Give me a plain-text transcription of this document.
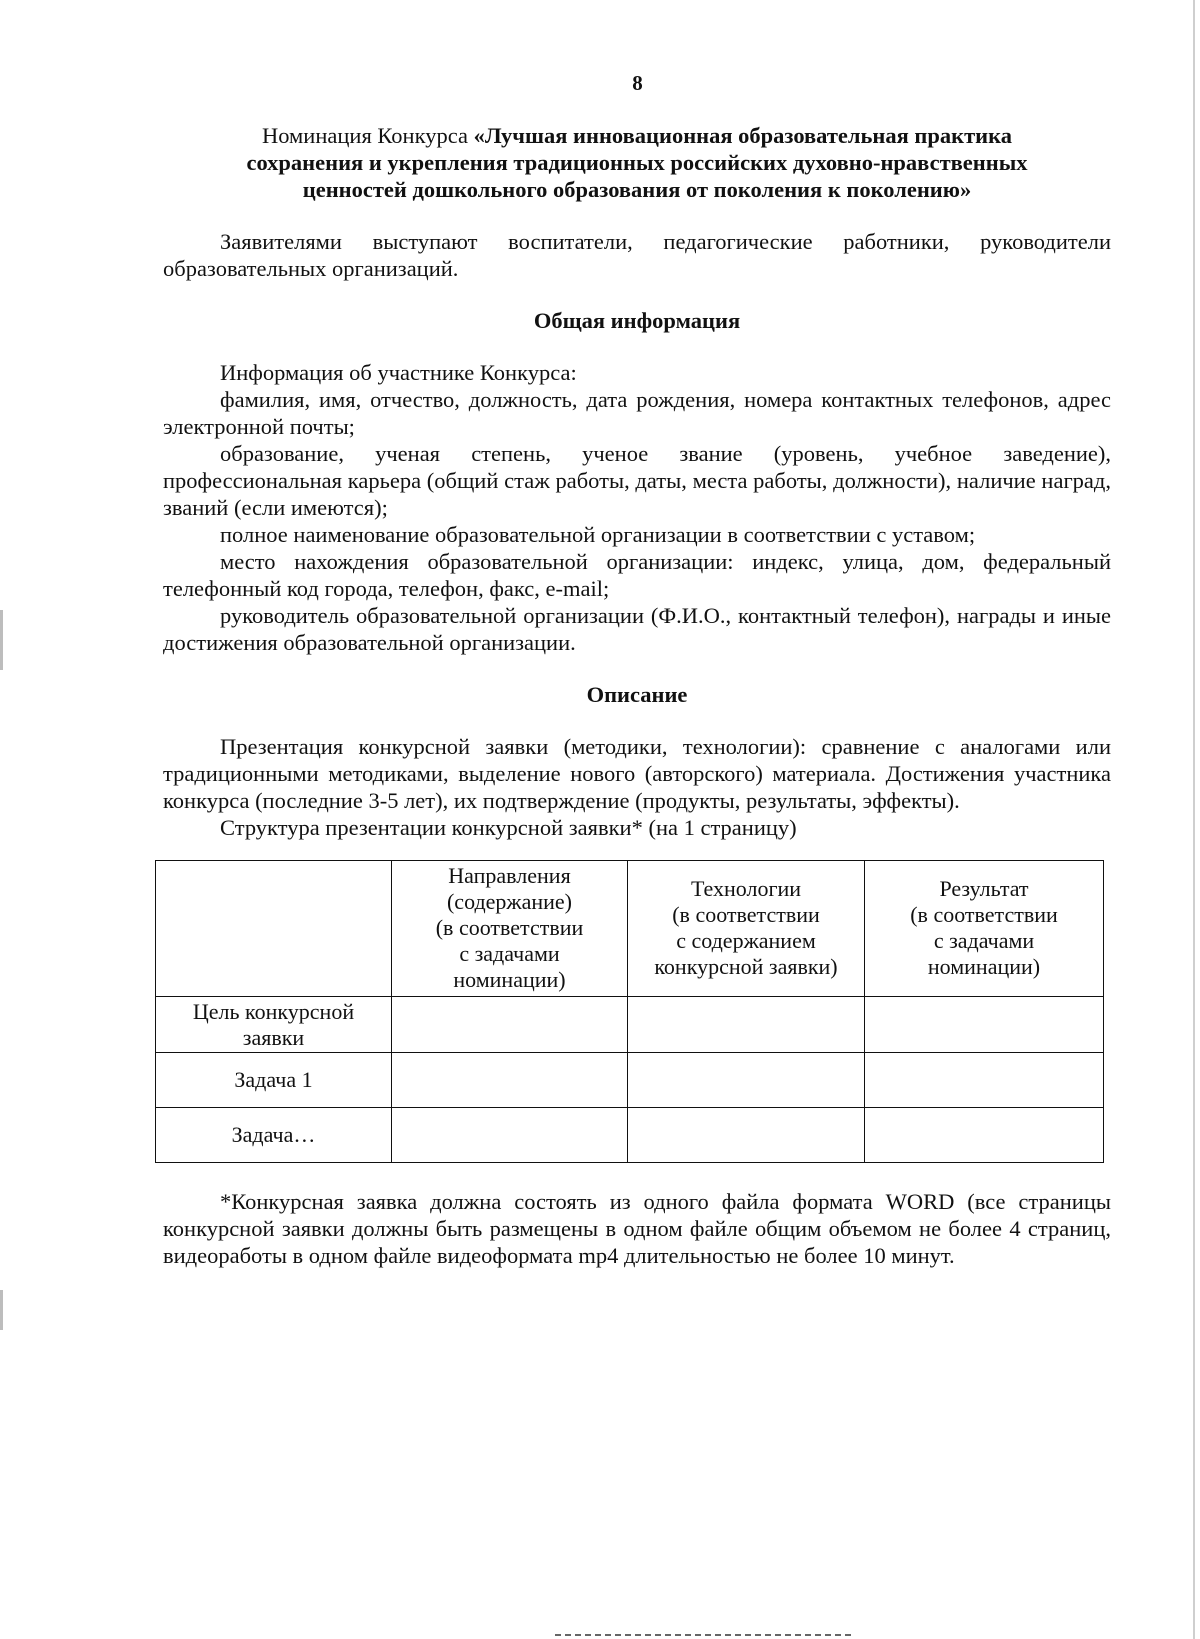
8
Номинация Конкурса «Лучшая инновационная образовательная практика
сохранения и укрепления традиционных российских духовно-нравственных
ценностей дошкольного образования от поколения к поколению»

Заявителями выступают воспитатели, педагогические работники, руководители образовательных организаций.

Общая информация

Информация об участнике Конкурса:

фамилия, имя, отчество, должность, дата рождения, номера контактных телефонов, адрес электронной почты;

образование, ученая степень, ученое звание (уровень, учебное заведение), профессиональная карьера (общий стаж работы, даты, места работы, должности), наличие наград, званий (если имеются);

полное наименование образовательной организации в соответствии с уставом;

место нахождения образовательной организации: индекс, улица, дом, федеральный телефонный код города, телефон, факс, e-mail;

руководитель образовательной организации (Ф.И.О., контактный телефон), награды и иные достижения образовательной организации.

Описание

Презентация конкурсной заявки (методики, технологии): сравнение с аналогами или традиционными методиками, выделение нового (авторского) материала. Достижения участника конкурса (последние 3-5 лет), их подтверждение (продукты, результаты, эффекты).

Структура презентации конкурсной заявки* (на 1 страницу)

	Направления
(содержание)
(в соответствии
с задачами
номинации)	Технологии
(в соответствии
с содержанием
конкурсной заявки)	Результат
(в соответствии
с задачами
номинации)
Цель конкурсной заявки			
Задача 1			
Задача…			

*Конкурсная заявка должна состоять из одного файла формата WORD (все страницы конкурсной заявки должны быть размещены в одном файле общим объемом не более 4 страниц, видеоработы в одном файле видеоформата mp4 длительностью не более 10 минут.
